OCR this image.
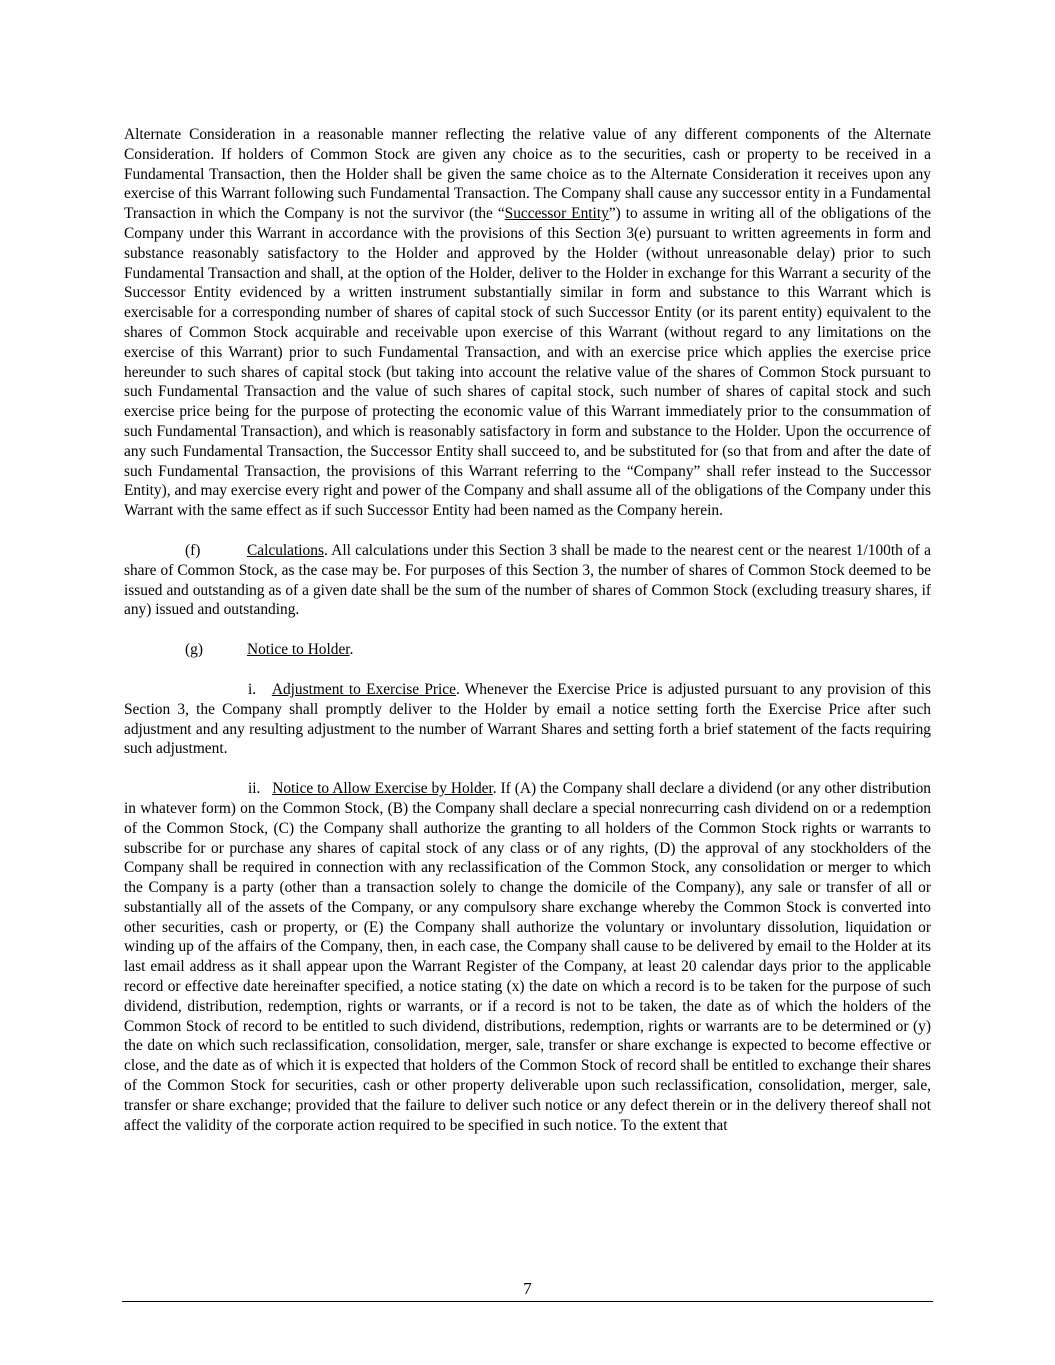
Alternate Consideration in a reasonable manner reflecting the relative value of any different components of the Alternate Consideration. If holders of Common Stock are given any choice as to the securities, cash or property to be received in a Fundamental Transaction, then the Holder shall be given the same choice as to the Alternate Consideration it receives upon any exercise of this Warrant following such Fundamental Transaction. The Company shall cause any successor entity in a Fundamental Transaction in which the Company is not the survivor (the “Successor Entity”) to assume in writing all of the obligations of the Company under this Warrant in accordance with the provisions of this Section 3(e) pursuant to written agreements in form and substance reasonably satisfactory to the Holder and approved by the Holder (without unreasonable delay) prior to such Fundamental Transaction and shall, at the option of the Holder, deliver to the Holder in exchange for this Warrant a security of the Successor Entity evidenced by a written instrument substantially similar in form and substance to this Warrant which is exercisable for a corresponding number of shares of capital stock of such Successor Entity (or its parent entity) equivalent to the shares of Common Stock acquirable and receivable upon exercise of this Warrant (without regard to any limitations on the exercise of this Warrant) prior to such Fundamental Transaction, and with an exercise price which applies the exercise price hereunder to such shares of capital stock (but taking into account the relative value of the shares of Common Stock pursuant to such Fundamental Transaction and the value of such shares of capital stock, such number of shares of capital stock and such exercise price being for the purpose of protecting the economic value of this Warrant immediately prior to the consummation of such Fundamental Transaction), and which is reasonably satisfactory in form and substance to the Holder. Upon the occurrence of any such Fundamental Transaction, the Successor Entity shall succeed to, and be substituted for (so that from and after the date of such Fundamental Transaction, the provisions of this Warrant referring to the “Company” shall refer instead to the Successor Entity), and may exercise every right and power of the Company and shall assume all of the obligations of the Company under this Warrant with the same effect as if such Successor Entity had been named as the Company herein.

(f)	Calculations. All calculations under this Section 3 shall be made to the nearest cent or the nearest 1/100th of a share of Common Stock, as the case may be. For purposes of this Section 3, the number of shares of Common Stock deemed to be issued and outstanding as of a given date shall be the sum of the number of shares of Common Stock (excluding treasury shares, if any) issued and outstanding.

(g)	Notice to Holder.

i. Adjustment to Exercise Price. Whenever the Exercise Price is adjusted pursuant to any provision of this Section 3, the Company shall promptly deliver to the Holder by email a notice setting forth the Exercise Price after such adjustment and any resulting adjustment to the number of Warrant Shares and setting forth a brief statement of the facts requiring such adjustment.

ii. Notice to Allow Exercise by Holder. If (A) the Company shall declare a dividend (or any other distribution in whatever form) on the Common Stock, (B) the Company shall declare a special nonrecurring cash dividend on or a redemption of the Common Stock, (C) the Company shall authorize the granting to all holders of the Common Stock rights or warrants to subscribe for or purchase any shares of capital stock of any class or of any rights, (D) the approval of any stockholders of the Company shall be required in connection with any reclassification of the Common Stock, any consolidation or merger to which the Company is a party (other than a transaction solely to change the domicile of the Company), any sale or transfer of all or substantially all of the assets of the Company, or any compulsory share exchange whereby the Common Stock is converted into other securities, cash or property, or (E) the Company shall authorize the voluntary or involuntary dissolution, liquidation or winding up of the affairs of the Company, then, in each case, the Company shall cause to be delivered by email to the Holder at its last email address as it shall appear upon the Warrant Register of the Company, at least 20 calendar days prior to the applicable record or effective date hereinafter specified, a notice stating (x) the date on which a record is to be taken for the purpose of such dividend, distribution, redemption, rights or warrants, or if a record is not to be taken, the date as of which the holders of the Common Stock of record to be entitled to such dividend, distributions, redemption, rights or warrants are to be determined or (y) the date on which such reclassification, consolidation, merger, sale, transfer or share exchange is expected to become effective or close, and the date as of which it is expected that holders of the Common Stock of record shall be entitled to exchange their shares of the Common Stock for securities, cash or other property deliverable upon such reclassification, consolidation, merger, sale, transfer or share exchange; provided that the failure to deliver such notice or any defect therein or in the delivery thereof shall not affect the validity of the corporate action required to be specified in such notice. To the extent that

7
